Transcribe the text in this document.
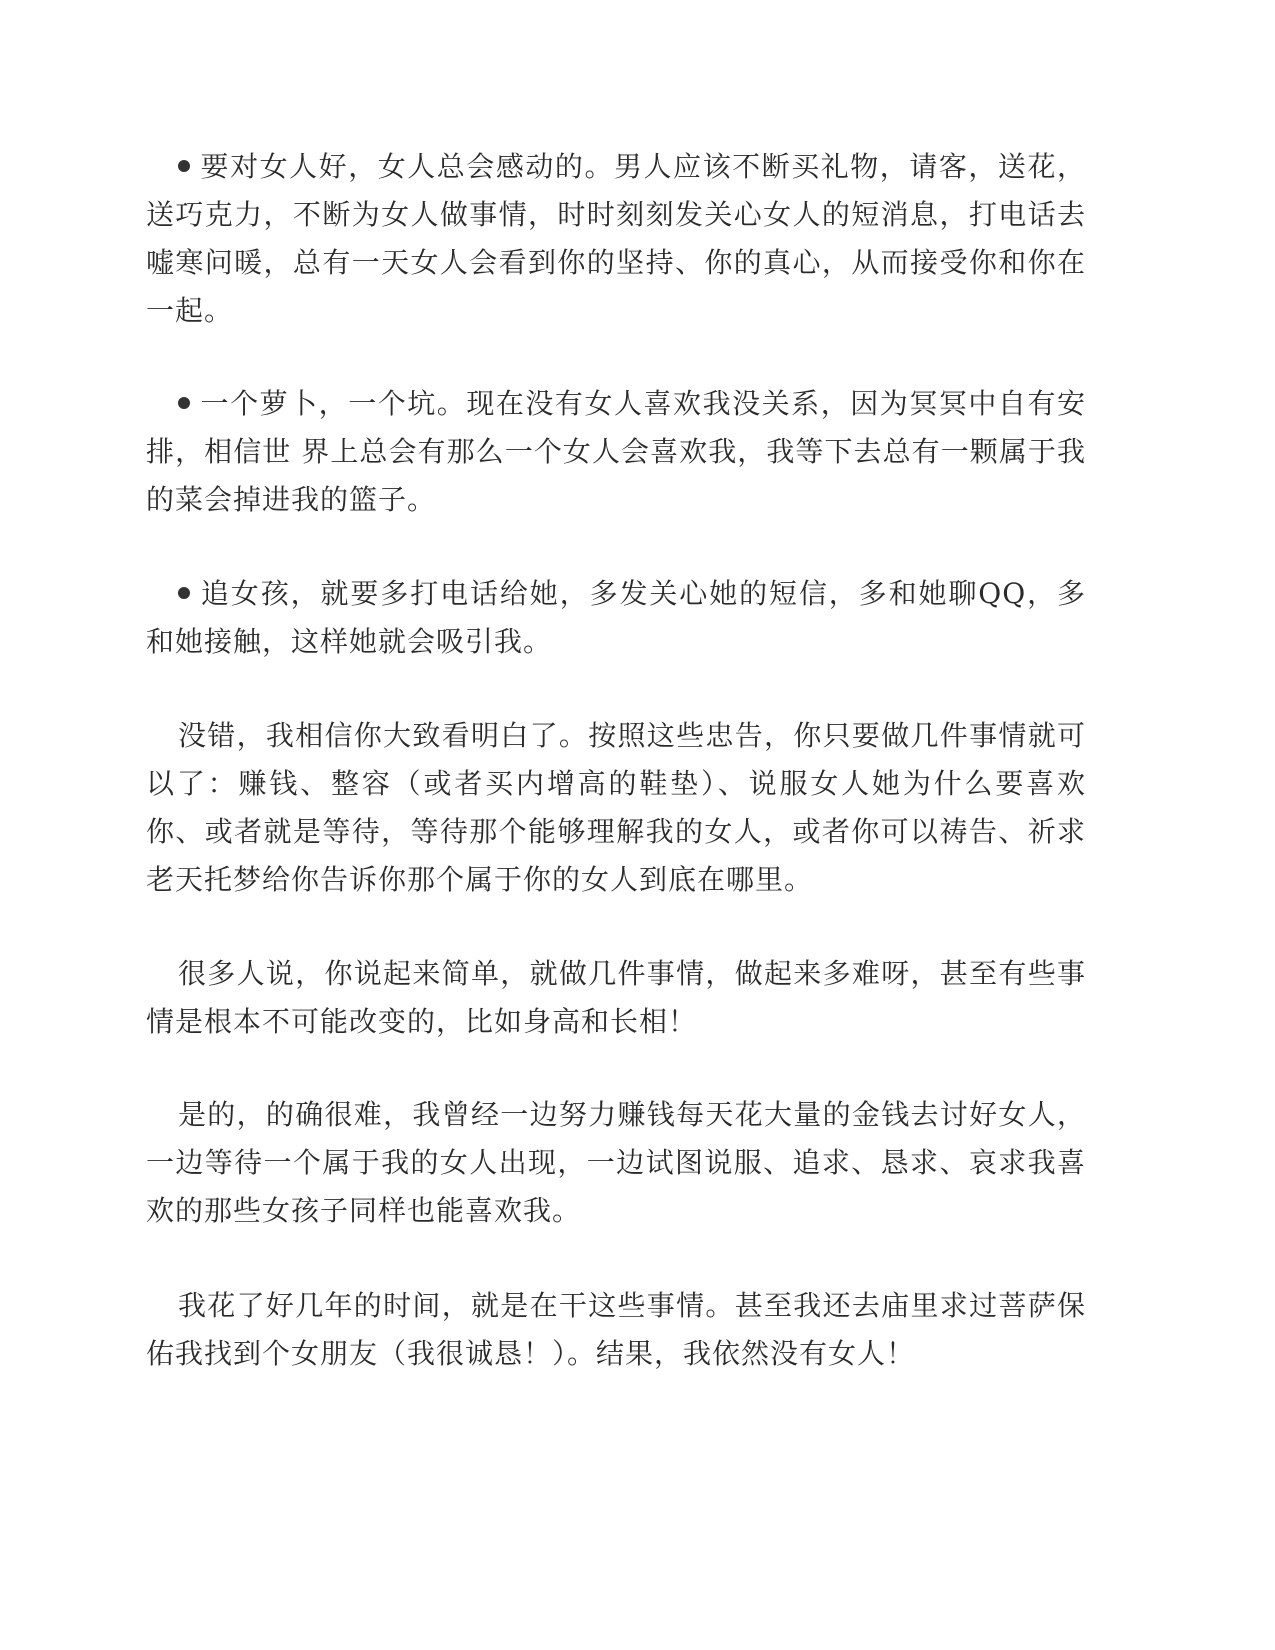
要对女人好，女人总会感动的。男人应该不断买礼物，请客，送花，送巧克力，不断为女人做事情，时时刻刻发关心女人的短消息，打电话去嘘寒问暖，总有一天女人会看到你的坚持、你的真心，从而接受你和你在一起。

一个萝卜，一个坑。现在没有女人喜欢我没关系，因为冥冥中自有安排，相信世 界上总会有那么一个女人会喜欢我，我等下去总有一颗属于我的菜会掉进我的篮子。

追女孩，就要多打电话给她，多发关心她的短信，多和她聊QQ，多和她接触，这样她就会吸引我。

没错，我相信你大致看明白了。按照这些忠告，你只要做几件事情就可以了：赚钱、整容（或者买内增高的鞋垫）、说服女人她为什么要喜欢你、或者就是等待，等待那个能够理解我的女人，或者你可以祷告、祈求老天托梦给你告诉你那个属于你的女人到底在哪里。

很多人说，你说起来简单，就做几件事情，做起来多难呀，甚至有些事情是根本不可能改变的，比如身高和长相！

是的，的确很难，我曾经一边努力赚钱每天花大量的金钱去讨好女人，一边等待一个属于我的女人出现，一边试图说服、追求、恳求、哀求我喜欢的那些女孩子同样也能喜欢我。

我花了好几年的时间，就是在干这些事情。甚至我还去庙里求过菩萨保佑我找到个女朋友（我很诚恳！）。结果，我依然没有女人！
